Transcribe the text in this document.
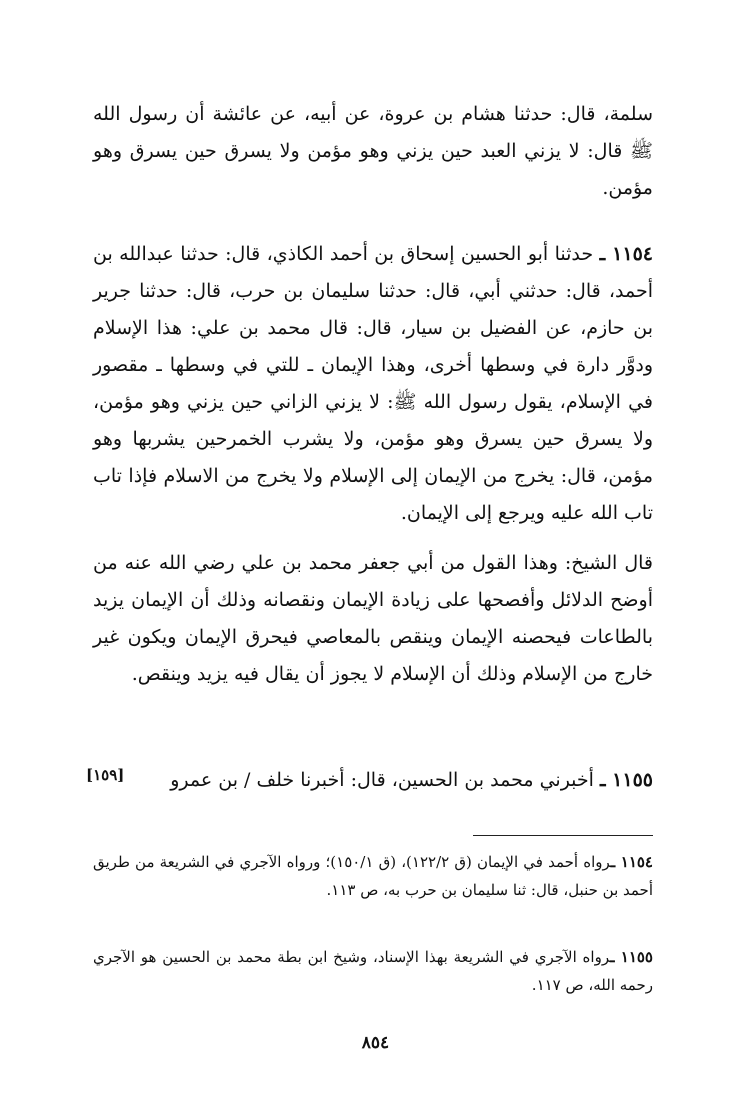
سلمة، قال: حدثنا هشام بن عروة، عن أبيه، عن عائشة أن رسول الله ﷺ قال: لا يزني العبد حين يزني وهو مؤمن ولا يسرق حين يسرق وهو مؤمن.

١١٥٤ ـ حدثنا أبو الحسين إسحاق بن أحمد الكاذي، قال: حدثنا عبدالله بن أحمد، قال: حدثني أبي، قال: حدثنا سليمان بن حرب، قال: حدثنا جرير بن حازم، عن الفضيل بن سيار، قال: قال محمد بن علي: هذا الإسلام ودوَّر دارة في وسطها أخرى، وهذا الإيمان ـ للتي في وسطها ـ مقصور في الإسلام، يقول رسول الله ﷺ: لا يزني الزاني حين يزني وهو مؤمن، ولا يسرق حين يسرق وهو مؤمن، ولا يشرب الخمرحين يشربها وهو مؤمن، قال: يخرج من الإيمان إلى الإسلام ولا يخرج من الاسلام فإذا تاب تاب الله عليه ويرجع إلى الإيمان.

قال الشيخ: وهذا القول من أبي جعفر محمد بن علي رضي الله عنه من أوضح الدلائل وأفصحها على زيادة الإيمان ونقصانه وذلك أن الإيمان يزيد بالطاعات فيحصنه الإيمان وينقص بالمعاصي فيحرق الإيمان ويكون غير خارج من الإسلام وذلك أن الإسلام لا يجوز أن يقال فيه يزيد وينقص.

١١٥٥ ـ أخبرني محمد بن الحسين، قال: أخبرنا خلف / بن عمرو

[١٥٩]

١١٥٤ ـرواه أحمد في الإيمان (ق ١٢٢/٢)، (ق ١٥٠/١)؛ ورواه الآجري في الشريعة من طريق أحمد بن حنبل، قال: ثنا سليمان بن حرب به، ص ١١٣.

١١٥٥ ـرواه الآجري في الشريعة بهذا الإسناد، وشيخ ابن بطة محمد بن الحسين هو الآجري رحمه الله، ص ١١٧.

٨٥٤
